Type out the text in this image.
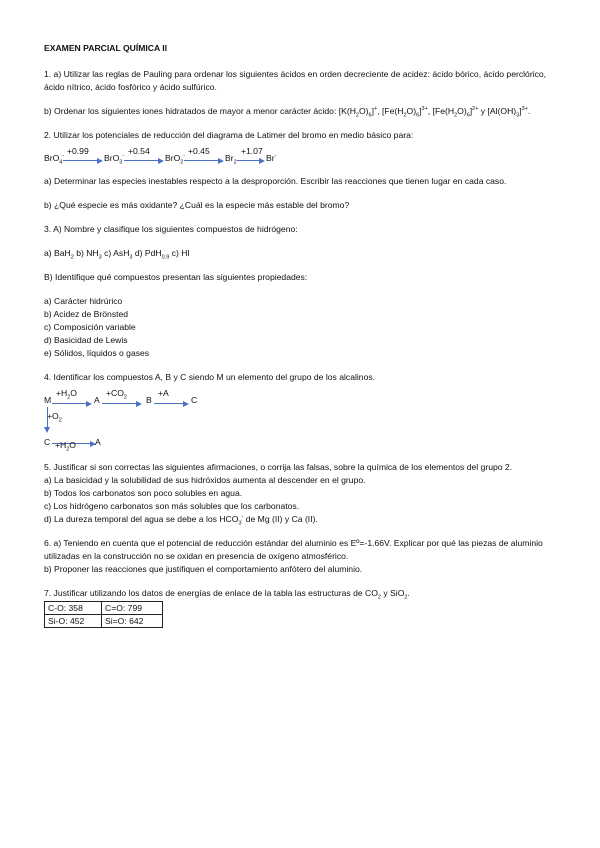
EXAMEN PARCIAL QUÍMICA II

1. a) Utilizar las reglas de Pauling para ordenar los siguientes ácidos en orden decreciente de acidez: ácido bórico, ácido perclórico, ácido nítrico, ácido fosfórico y ácido sulfúrico.

b) Ordenar los siguientes iones hidratados de mayor a menor carácter ácido: $[K(H_2O)_6]^+$, $[Fe(H_2O)_6]^{3+}$, $[Fe(H_2O)_6]^{2+}$ y $[Al(OH)_3]^{3+}$.

2. Utilizar los potenciales de reducción del diagrama de Latimer del bromo en medio básico para:

BrO$_4$-
+0.99
BrO$_3$-
+0.54
BrO$_2$-
+0.45
$Br_2$
+1.07
Br-

a) Determinar las especies inestables respecto a la desproporción. Escribir las reacciones que tienen lugar en cada caso.

b) ¿Qué especie es más oxidante? ¿Cuál es la especie más estable del bromo?

3. A) Nombre y clasifique los siguientes compuestos de hidrógeno:

a) BaH$_2$ b) $NH_3$ c) AsH$_3$ d) PdH$_{0.9}$ c) HI

B) Identifique qué compuestos presentan las siguientes propiedades:

a) Carácter hidrúrico

b) Acidez de Brönsted

c) Composición variable

d) Basicidad de Lewis

e) Sólidos, líquidos o gases

4. Identificar los compuestos A, B y C siendo M un elemento del grupo de los alcalinos.

M
$+H_2O$
A
$+CO_2$ B
+A
C
$+O_2$
$C +H_2O$ A

5. Justificar si son correctas las siguientes afirmaciones, o corrija las falsas, sobre la química de los elementos del grupo 2.

a) La basicidad y la solubilidad de sus hidróxidos aumenta al descender en el grupo.

b) Todos los carbonatos son poco solubles en agua.

c) Los hidrógeno carbonatos son más solubles que los carbonatos.

d) La dureza temporal del agua se debe a los $HCO_3^-$ de Mg (II) y Ca (II).

6. a) Teniendo en cuenta que el potencial de reducción estándar del aluminio es Eº=-1.66V. Explicar por qué las piezas de aluminio utilizadas en la construcción no se oxidan en presencia de oxígeno atmosférico.

b) Proponer las reacciones que justifiquen el comportamiento anfótero del aluminio.

7. Justificar utilizando los datos de energías de enlace de la tabla las estructuras de $CO_2$ y SiO$_2$.

C-O: 358	C=O: 799
Si-O: 452	Si=O: 642
